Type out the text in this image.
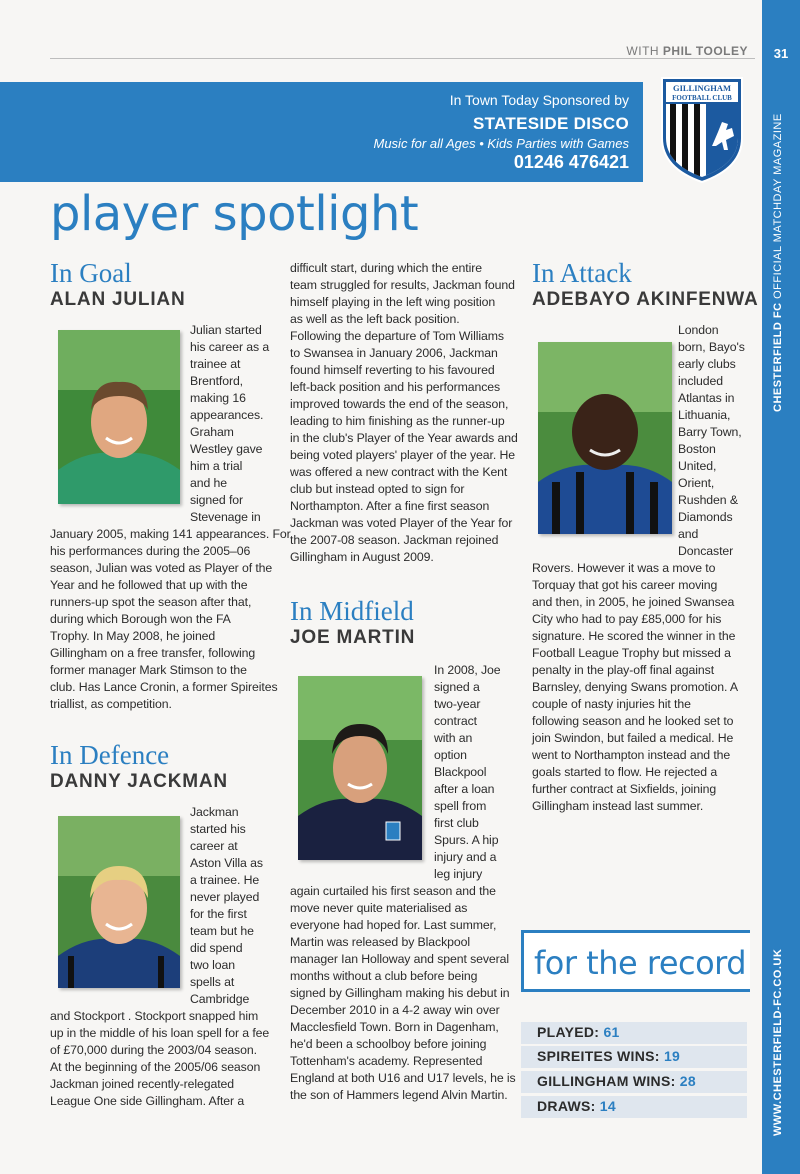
31
CHESTERFIELD FC OFFICIAL MATCHDAY MAGAZINE
WWW.CHESTERFIELD-FC.CO.UK
WITH PHIL TOOLEY
In Town Today Sponsored by
STATESIDE DISCO
Music for all Ages • Kids Parties with Games
01246 476421
GILLINGHAM
FOOTBALL CLUB
player spotlight
In Goal
ALAN JULIAN

Julian started

his career as a

trainee at

Brentford,

making 16

appearances.

Graham

Westley gave

him a trial

and he

signed for

Stevenage in

January 2005, making 141 appearances. For

his performances during the 2005–06

season, Julian was voted as Player of the

Year and he followed that up with the

runners-up spot the season after that,

during which Borough won the FA

Trophy. In May 2008, he joined

Gillingham on a free transfer, following

former manager Mark Stimson to the

club. Has Lance Cronin, a former Spireites

triallist, as competition.

In Defence
DANNY JACKMAN

Jackman

started his

career at

Aston Villa as

a trainee. He

never played

for the first

team but he

did spend

two loan

spells at

Cambridge

and Stockport . Stockport snapped him

up in the middle of his loan spell for a fee

of £70,000 during the 2003/04 season.

At the beginning of the 2005/06 season

Jackman joined recently-relegated

League One side Gillingham. After a

difficult start, during which the entire

team struggled for results, Jackman found

himself playing in the left wing position

as well as the left back position.

Following the departure of Tom Williams

to Swansea in January 2006, Jackman

found himself reverting to his favoured

left-back position and his performances

improved towards the end of the season,

leading to him finishing as the runner-up

in the club's Player of the Year awards and

being voted players' player of the year. He

was offered a new contract with the Kent

club but instead opted to sign for

Northampton. After a fine first season

Jackman was voted Player of the Year for

the 2007-08 season. Jackman rejoined

Gillingham in August 2009.

In Midfield
JOE MARTIN

In 2008, Joe

signed a

two-year

contract

with an

option

Blackpool

after a loan

spell from

first club

Spurs. A hip

injury and a

leg injury

again curtailed his first season and the

move never quite materialised as

everyone had hoped for. Last summer,

Martin was released by Blackpool

manager Ian Holloway and spent several

months without a club before being

signed by Gillingham making his debut in

December 2010 in a 4-2 away win over

Macclesfield Town. Born in Dagenham,

he'd been a schoolboy before joining

Tottenham's academy. Represented

England at both U16 and U17 levels, he is

the son of Hammers legend Alvin Martin.

In Attack
ADEBAYO AKINFENWA

London

born, Bayo's

early clubs

included

Atlantas in

Lithuania,

Barry Town,

Boston

United,

Orient,

Rushden &

Diamonds

and

Doncaster

Rovers. However it was a move to

Torquay that got his career moving

and then, in 2005, he joined Swansea

City who had to pay £85,000 for his

signature. He scored the winner in the

Football League Trophy but missed a

penalty in the play-off final against

Barnsley, denying Swans promotion. A

couple of nasty injuries hit the

following season and he looked set to

join Swindon, but failed a medical. He

went to Northampton instead and the

goals started to flow. He rejected a

further contract at Sixfields, joining

Gillingham instead last summer.

for the record
PLAYED: 61
SPIREITES WINS: 19
GILLINGHAM WINS: 28
DRAWS: 14
